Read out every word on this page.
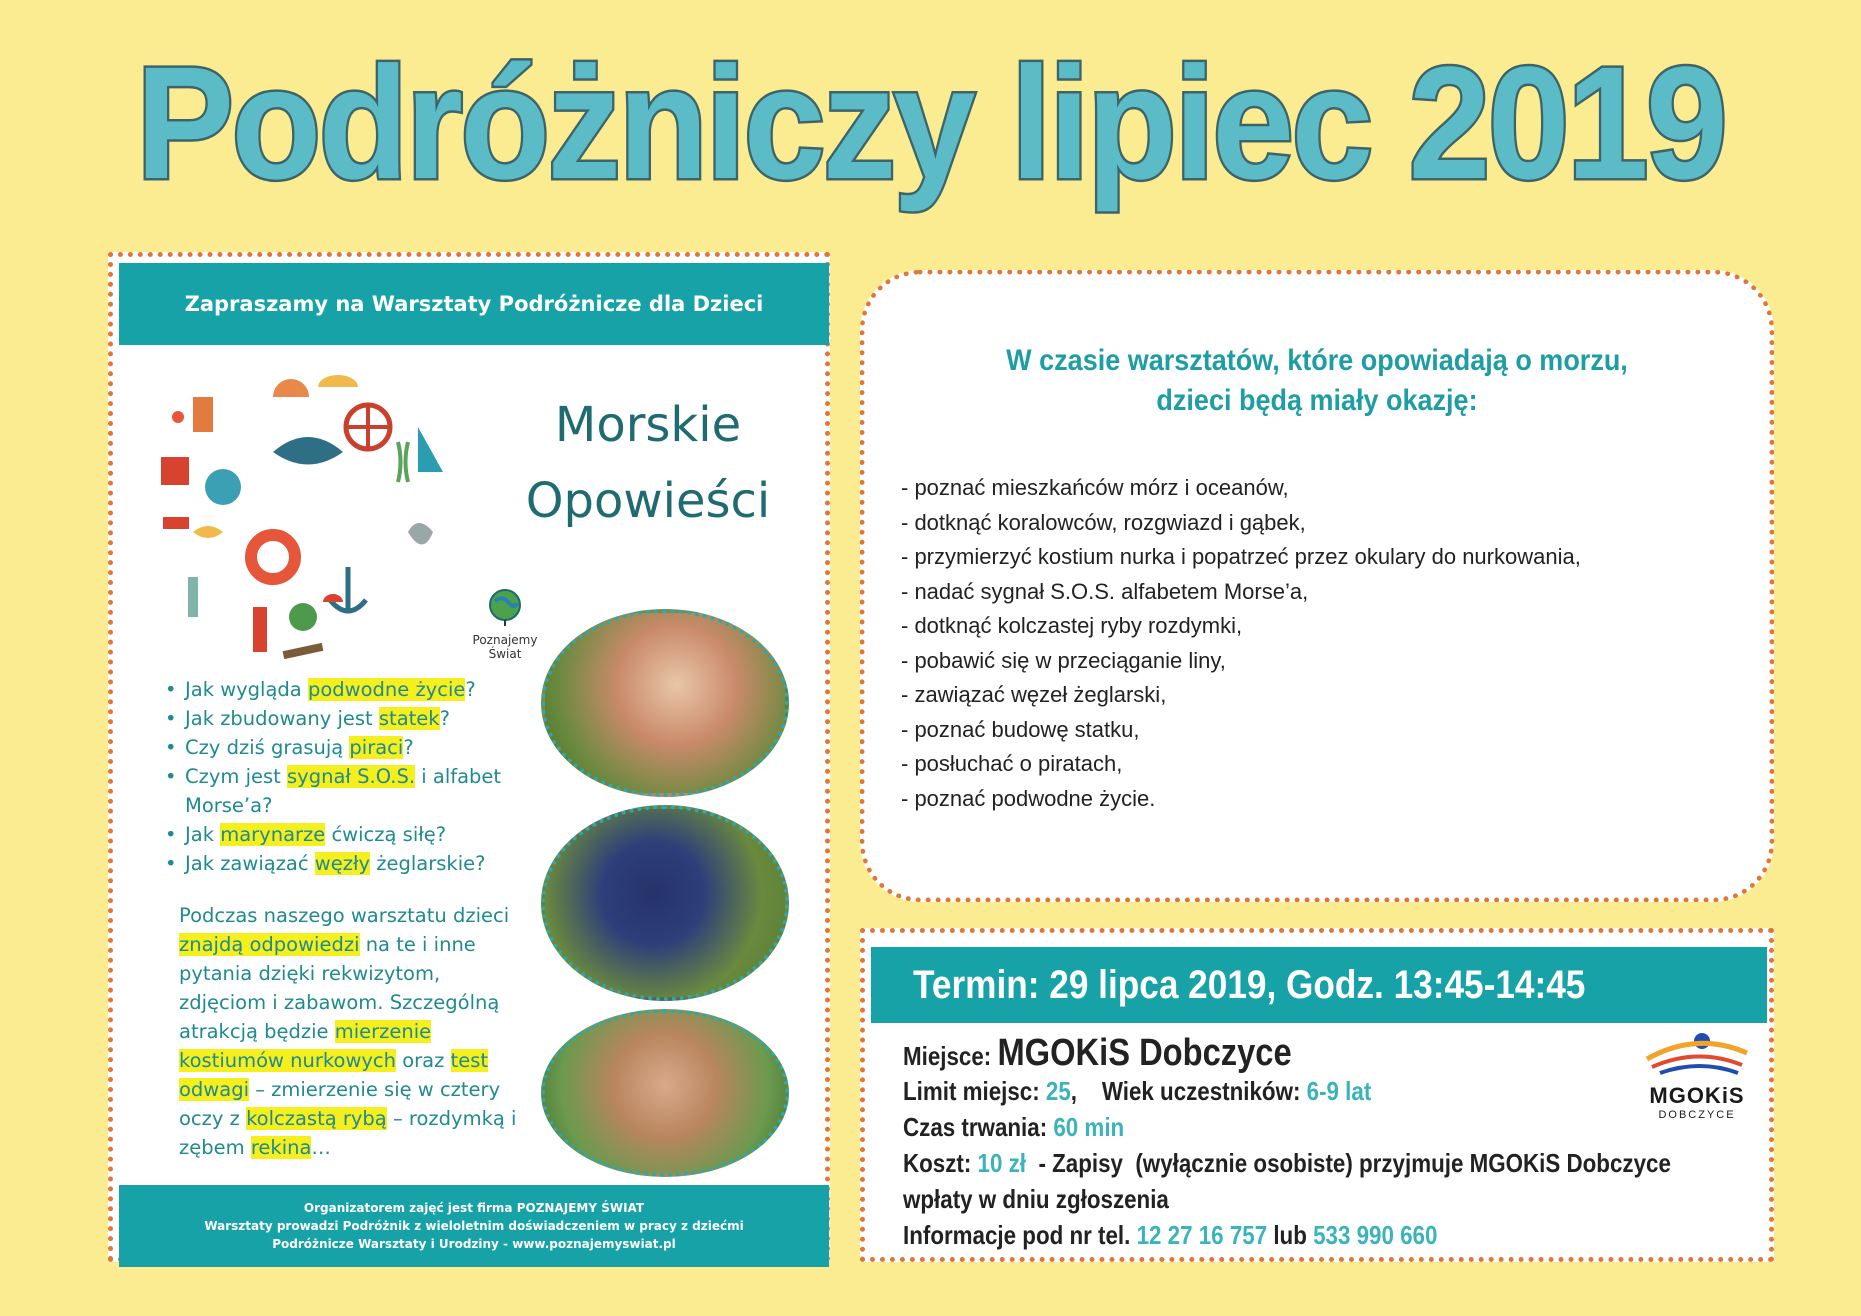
Podróżniczy lipiec 2019
Zapraszamy na Warsztaty Podróżnicze dla Dzieci
Morskie
Opowieści
Poznajemy Świat
• Jak wygląda podwodne życie?
• Jak zbudowany jest statek?
• Czy dziś grasują piraci?
• Czym jest sygnał S.O.S. i alfabet Morse’a?
• Jak marynarze ćwiczą siłę?
• Jak zawiązać węzły żeglarskie?
Podczas naszego warsztatu dzieci znajdą odpowiedzi na te i inne pytania dzięki rekwizytom, zdjęciom i zabawom. Szczególną atrakcją będzie mierzenie kostiumów nurkowych oraz test odwagi – zmierzenie się w cztery oczy z kolczastą rybą – rozdymką i zębem rekina…
Organizatorem zajęć jest firma POZNAJEMY ŚWIAT
Warsztaty prowadzi Podróżnik z wieloletnim doświadczeniem w pracy z dziećmi
Podróżnicze Warsztaty i Urodziny - www.poznajemyswiat.pl
W czasie warsztatów, które opowiadają o morzu,
dzieci będą miały okazję:
- poznać mieszkańców mórz i oceanów,
- dotknąć koralowców, rozgwiazd i gąbek,
- przymierzyć kostium nurka i popatrzeć przez okulary do nurkowania,
- nadać sygnał S.O.S. alfabetem Morse’a,
- dotknąć kolczastej ryby rozdymki,
- pobawić się w przeciąganie liny,
- zawiązać węzeł żeglarski,
- poznać budowę statku,
- posłuchać o piratach,
- poznać podwodne życie.
Termin: 29 lipca 2019, Godz. 13:45-14:45
Miejsce: MGOKiS Dobczyce
Limit miejsc: 25,    Wiek uczestników: 6-9 lat
Czas trwania: 60 min
Koszt: 10 zł  - Zapisy  (wyłącznie osobiste) przyjmuje MGOKiS Dobczyce
wpłaty w dniu zgłoszenia
Informacje pod nr tel. 12 27 16 757 lub 533 990 660
MGOKiS
DOBCZYCE
